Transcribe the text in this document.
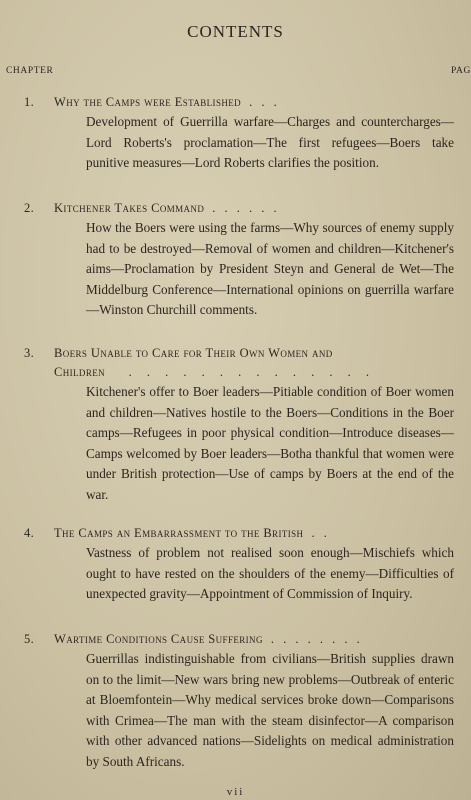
CONTENTS
CHAPTER	PAG
1.	Why the Camps were Established . . .
Development of Guerrilla warfare—Charges and countercharges—Lord Roberts's proclamation—The first refugees—Boers take punitive measures—Lord Roberts clarifies the position.
2.	Kitchener Takes Command . . . . . .
How the Boers were using the farms—Why sources of enemy supply had to be destroyed—Removal of women and children—Kitchener's aims—Proclamation by President Steyn and General de Wet—The Middelburg Conference—International opinions on guerrilla warfare—Winston Churchill comments.
3.	Boers Unable to Care for Their Own Women and
Children . . . . . . . . . . . . . .
Kitchener's offer to Boer leaders—Pitiable condition of Boer women and children—Natives hostile to the Boers—Conditions in the Boer camps—Refugees in poor physical condition—Introduce diseases—Camps welcomed by Boer leaders—Botha thankful that women were under British protection—Use of camps by Boers at the end of the war.
4.	The Camps an Embarrassment to the British . .
Vastness of problem not realised soon enough—Mischiefs which ought to have rested on the shoulders of the enemy—Difficulties of unexpected gravity—Appointment of Commission of Inquiry.
5.	Wartime Conditions Cause Suffering . . . . . . . .
Guerrillas indistinguishable from civilians—British supplies drawn on to the limit—New wars bring new problems—Outbreak of enteric at Bloemfontein—Why medical services broke down—Comparisons with Crimea—The man with the steam disinfector—A comparison with other advanced nations—Sidelights on medical administration by South Africans.
vii
